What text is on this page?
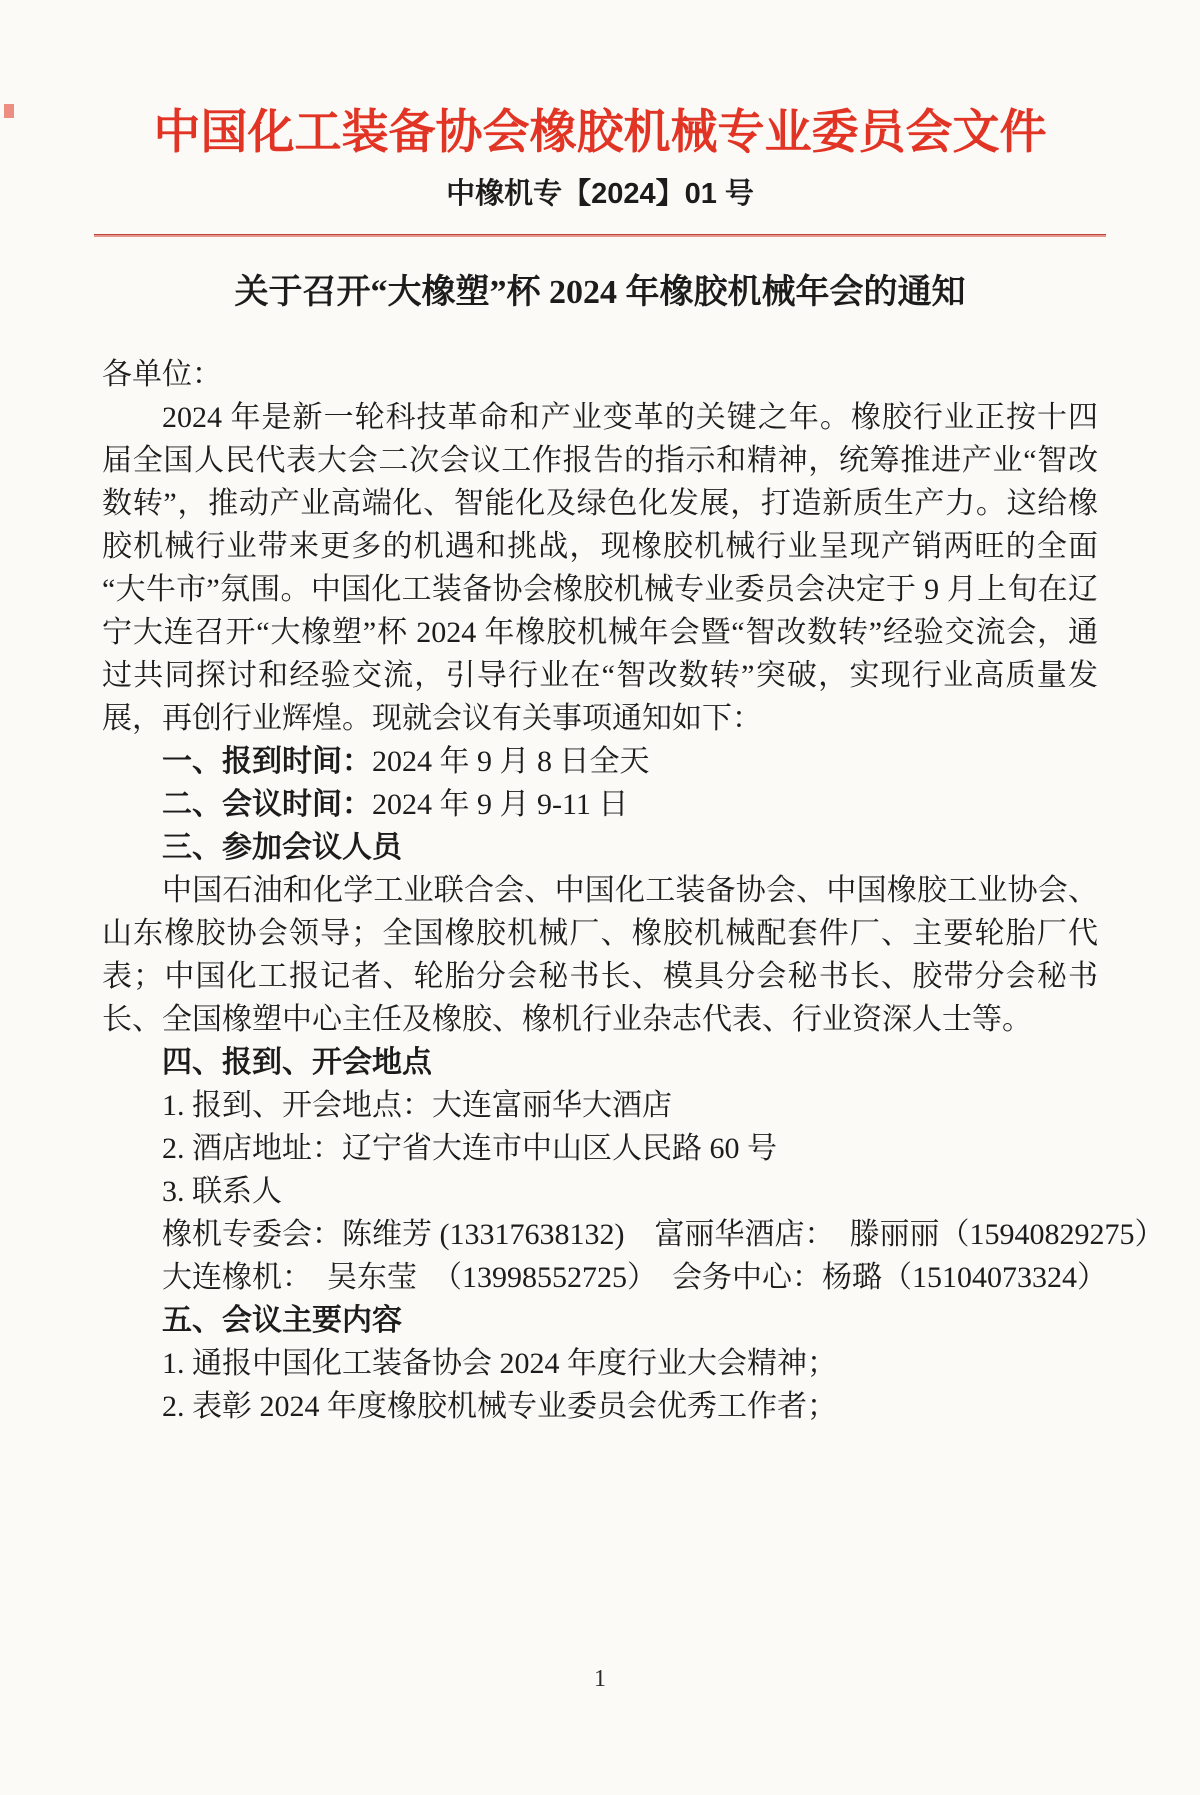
中国化工装备协会橡胶机械专业委员会文件
中橡机专【2024】01 号
关于召开“大橡塑”杯 2024 年橡胶机械年会的通知
各单位：
2024 年是新一轮科技革命和产业变革的关键之年。橡胶行业正按十四届全国人民代表大会二次会议工作报告的指示和精神，统筹推进产业“智改数转”，推动产业高端化、智能化及绿色化发展，打造新质生产力。这给橡胶机械行业带来更多的机遇和挑战，现橡胶机械行业呈现产销两旺的全面“大牛市”氛围。中国化工装备协会橡胶机械专业委员会决定于 9 月上旬在辽宁大连召开“大橡塑”杯 2024 年橡胶机械年会暨“智改数转”经验交流会，通过共同探讨和经验交流，引导行业在“智改数转”突破，实现行业高质量发展，再创行业辉煌。现就会议有关事项通知如下：
一、报到时间：2024 年 9 月 8 日全天
二、会议时间：2024 年 9 月 9-11 日
三、参加会议人员
中国石油和化学工业联合会、中国化工装备协会、中国橡胶工业协会、山东橡胶协会领导；全国橡胶机械厂、橡胶机械配套件厂、主要轮胎厂代表；中国化工报记者、轮胎分会秘书长、模具分会秘书长、胶带分会秘书长、全国橡塑中心主任及橡胶、橡机行业杂志代表、行业资深人士等。
四、报到、开会地点
1. 报到、开会地点：大连富丽华大酒店
2. 酒店地址：辽宁省大连市中山区人民路 60 号
3. 联系人
橡机专委会：陈维芳 (13317638132)　富丽华酒店：　滕丽丽（15940829275）
大连橡机：　吴东莹　（13998552725）　会务中心：杨璐（15104073324）
五、会议主要内容
1. 通报中国化工装备协会 2024 年度行业大会精神；
2. 表彰 2024 年度橡胶机械专业委员会优秀工作者；
1
